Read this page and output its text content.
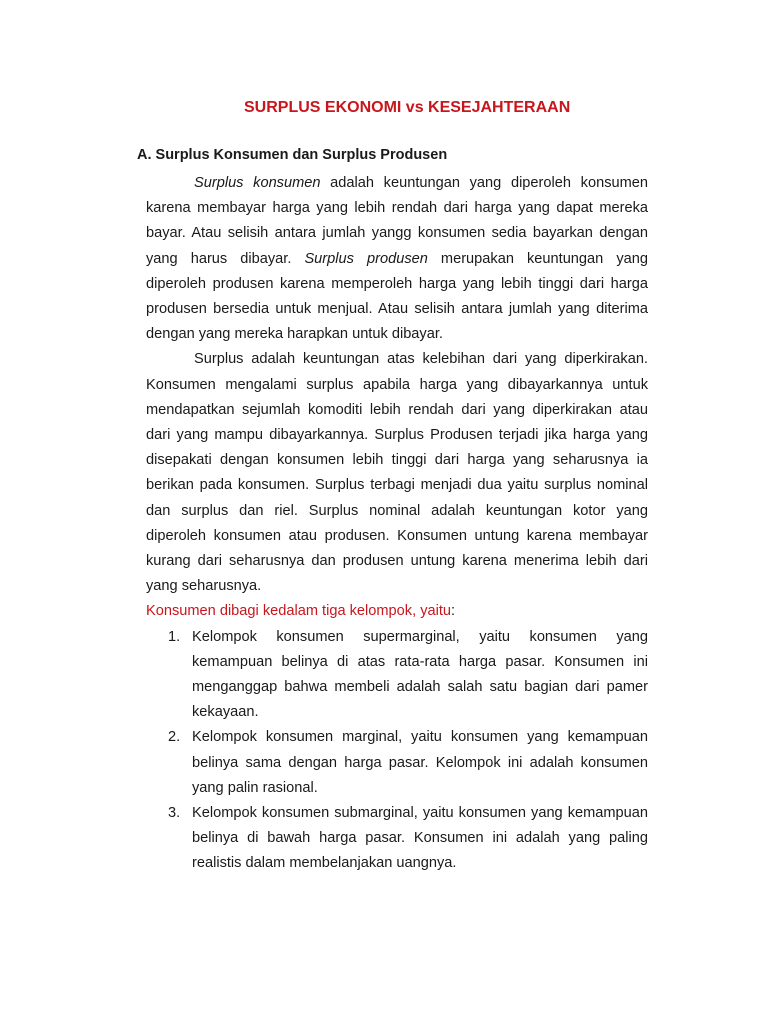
SURPLUS EKONOMI vs KESEJAHTERAAN
A. Surplus Konsumen dan Surplus Produsen

Surplus konsumen adalah keuntungan yang diperoleh konsumen karena membayar harga yang lebih rendah dari harga yang dapat mereka bayar. Atau selisih antara jumlah yangg konsumen sedia bayarkan dengan yang harus dibayar. Surplus produsen merupakan keuntungan yang diperoleh produsen karena memperoleh harga yang lebih tinggi dari harga produsen bersedia untuk menjual. Atau selisih antara jumlah yang diterima dengan yang mereka harapkan untuk dibayar.

Surplus adalah keuntungan atas kelebihan dari yang diperkirakan. Konsumen mengalami surplus apabila harga yang dibayarkannya untuk mendapatkan sejumlah komoditi lebih rendah dari yang diperkirakan atau dari yang mampu dibayarkannya. Surplus Produsen terjadi jika harga yang disepakati dengan konsumen lebih tinggi dari harga yang seharusnya ia berikan pada konsumen. Surplus terbagi menjadi dua yaitu surplus nominal dan surplus dan riel. Surplus nominal adalah keuntungan kotor yang diperoleh konsumen atau produsen. Konsumen untung karena membayar kurang dari seharusnya dan produsen untung karena menerima lebih dari yang seharusnya.

Konsumen dibagi kedalam tiga kelompok, yaitu:

1. Kelompok konsumen supermarginal, yaitu konsumen yang kemampuan belinya di atas rata-rata harga pasar. Konsumen ini menganggap bahwa membeli adalah salah satu bagian dari pamer kekayaan.
2. Kelompok konsumen marginal, yaitu konsumen yang kemampuan belinya sama dengan harga pasar. Kelompok ini adalah konsumen yang palin rasional.
3. Kelompok konsumen submarginal, yaitu konsumen yang kemampuan belinya di bawah harga pasar. Konsumen ini adalah yang paling realistis dalam membelanjakan uangnya.
